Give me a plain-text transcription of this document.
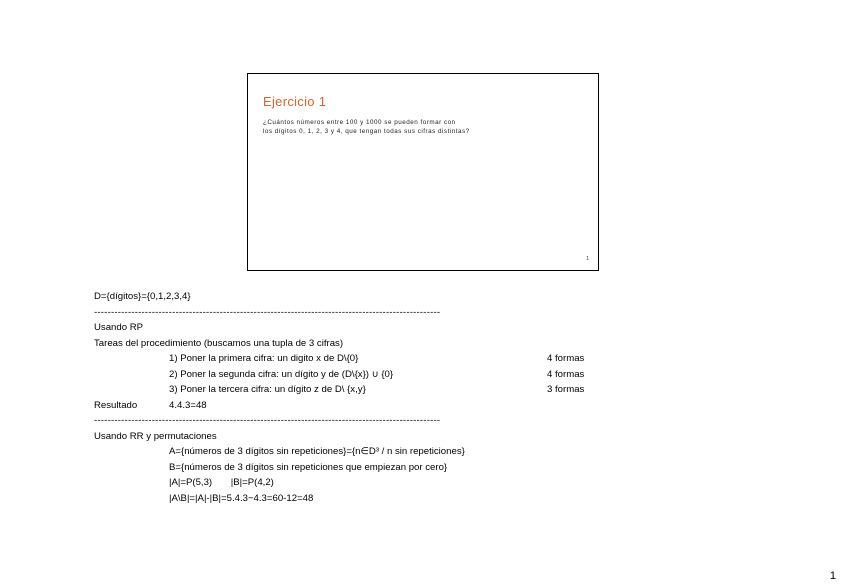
Ejercicio 1
¿Cuántos números entre 100 y 1000 se pueden formar con
los dígitos 0, 1, 2, 3 y 4, que tengan todas sus cifras distintas?
1
D={dígitos}={0,1,2,3,4}
------------------------------------------------------------------------------------------------------
Usando RP
Tareas del procedimiento (buscamos una tupla de 3 cifras)
1) Poner la primera cifra: un digito x de D\{0}	4 formas
2) Poner la segunda cifra: un dígito y de (D\{x}) ∪ {0}	4 formas
3) Poner la tercera cifra: un dígito z de D\ {x,y}	3 formas
Resultado	4.4.3=48
------------------------------------------------------------------------------------------------------
Usando RR y permutaciones
A={números de 3 dígitos sin repeticiones}={n∈D³ / n sin repeticiones}
B={números de 3 dígitos sin repeticiones que empiezan por cero}
|A|=P(5,3)       |B|=P(4,2)
|A\B|=|A|-|B|=5.4.3−4.3=60-12=48
1
